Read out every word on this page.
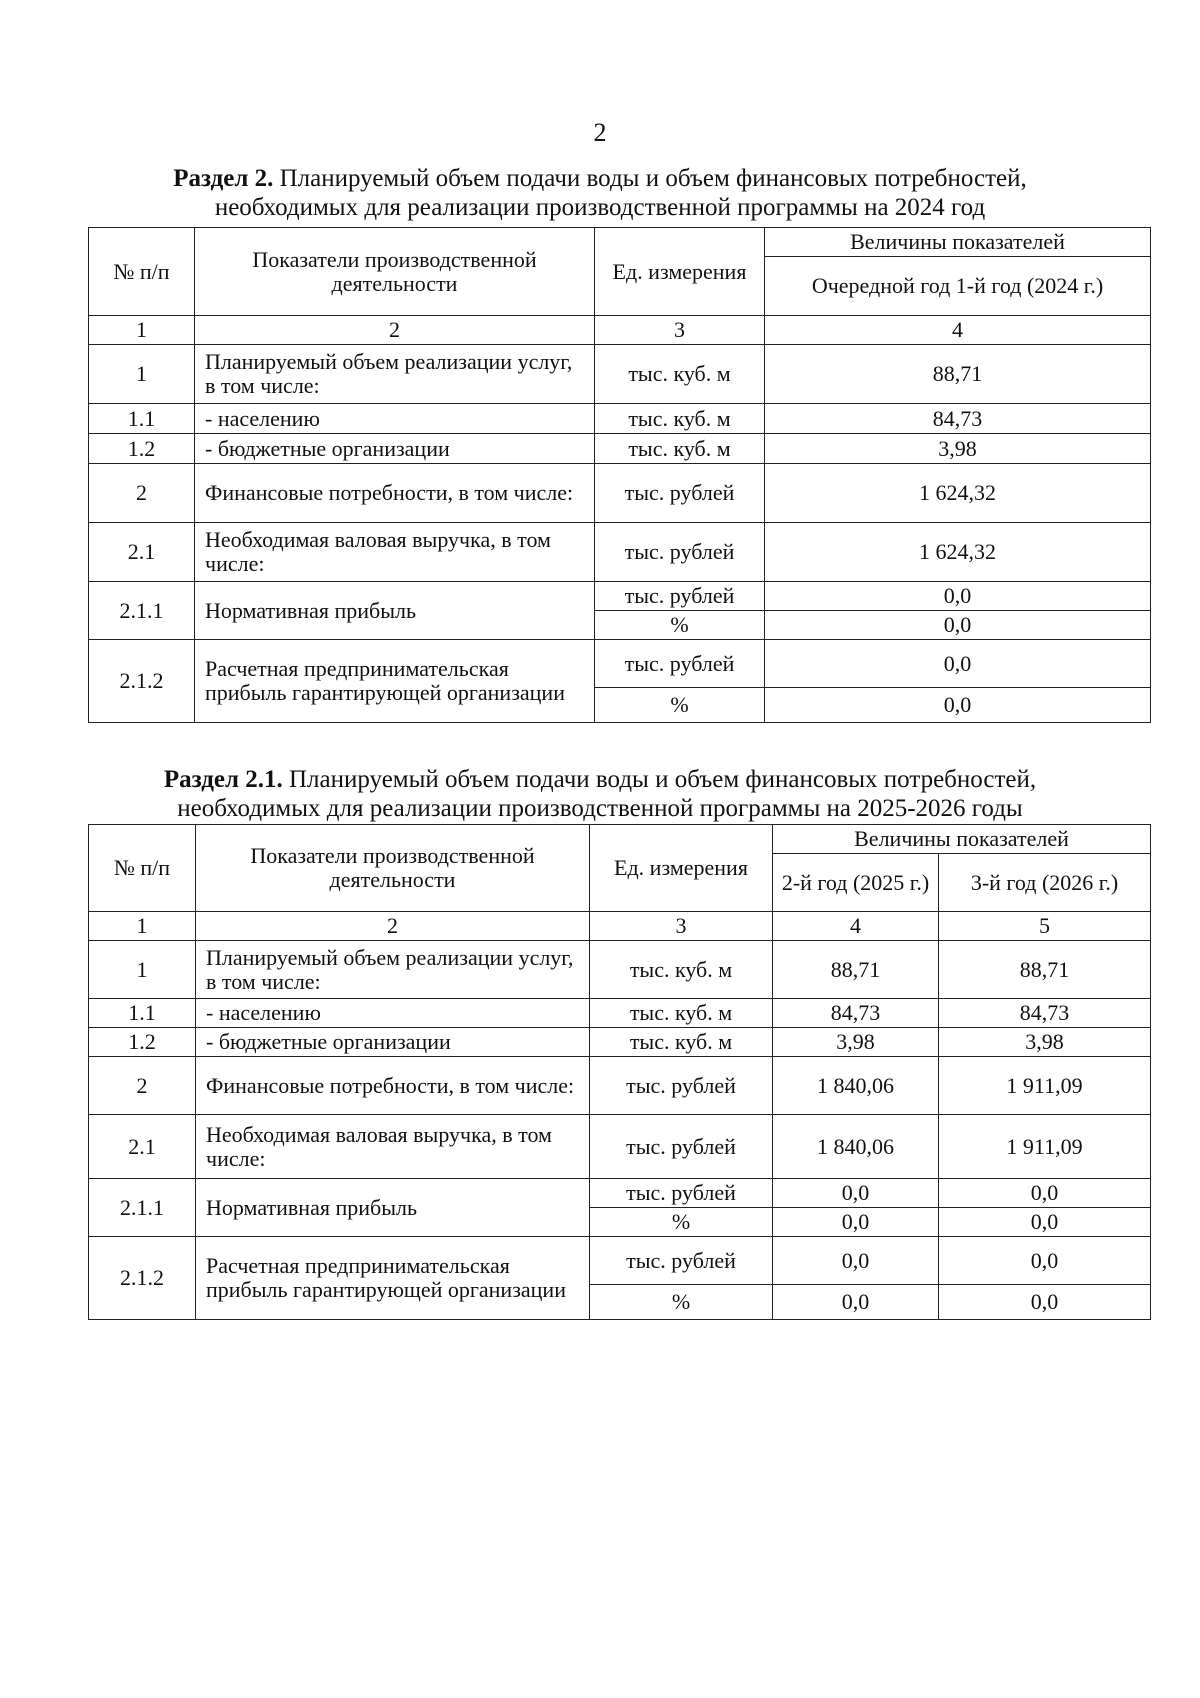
2
Раздел 2. Планируемый объем подачи воды и объем финансовых потребностей,
необходимых для реализации производственной программы на 2024 год
№ п/п	Показатели производственной деятельности	Ед. измерения	Величины показателей
			Очередной год 1-й год (2024 г.)
1	2	3	4
1	Планируемый объем реализации услуг, в том числе:	тыс. куб. м	88,71
1.1	- населению	тыс. куб. м	84,73
1.2	- бюджетные организации	тыс. куб. м	3,98
2	Финансовые потребности, в том числе:	тыс. рублей	1 624,32
2.1	Необходимая валовая выручка, в том числе:	тыс. рублей	1 624,32
2.1.1	Нормативная прибыль	тыс. рублей	0,0
		%	0,0
2.1.2	Расчетная предпринимательская прибыль гарантирующей организации	тыс. рублей	0,0
		%	0,0
Раздел 2.1. Планируемый объем подачи воды и объем финансовых потребностей,
необходимых для реализации производственной программы на 2025-2026 годы
№ п/п	Показатели производственной деятельности	Ед. измерения	Величины показателей	
			2-й год (2025 г.)	3-й год (2026 г.)
1	2	3	4	5
1	Планируемый объем реализации услуг, в том числе:	тыс. куб. м	88,71	88,71
1.1	- населению	тыс. куб. м	84,73	84,73
1.2	- бюджетные организации	тыс. куб. м	3,98	3,98
2	Финансовые потребности, в том числе:	тыс. рублей	1 840,06	1 911,09
2.1	Необходимая валовая выручка, в том числе:	тыс. рублей	1 840,06	1 911,09
2.1.1	Нормативная прибыль	тыс. рублей	0,0	0,0
		%	0,0	0,0
2.1.2	Расчетная предпринимательская прибыль гарантирующей организации	тыс. рублей	0,0	0,0
		%	0,0	0,0
